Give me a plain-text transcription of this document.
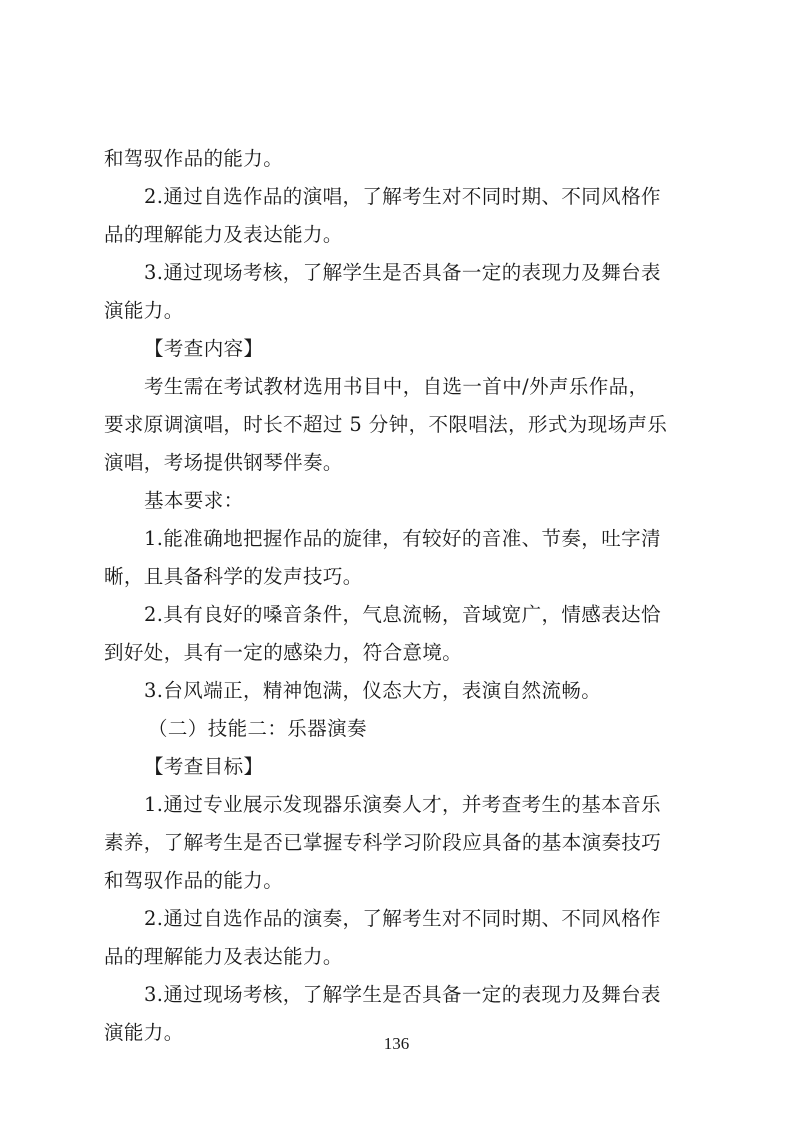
和驾驭作品的能力。
2.通过自选作品的演唱，了解考生对不同时期、不同风格作
品的理解能力及表达能力。
3.通过现场考核，了解学生是否具备一定的表现力及舞台表
演能力。
【考查内容】
考生需在考试教材选用书目中，自选一首中/外声乐作品，
要求原调演唱，时长不超过 5 分钟，不限唱法，形式为现场声乐
演唱，考场提供钢琴伴奏。
基本要求：
1.能准确地把握作品的旋律，有较好的音准、节奏，吐字清
晰，且具备科学的发声技巧。
2.具有良好的嗓音条件，气息流畅，音域宽广，情感表达恰
到好处，具有一定的感染力，符合意境。
3.台风端正，精神饱满，仪态大方，表演自然流畅。
（二）技能二：乐器演奏
【考查目标】
1.通过专业展示发现器乐演奏人才，并考查考生的基本音乐
素养，了解考生是否已掌握专科学习阶段应具备的基本演奏技巧
和驾驭作品的能力。
2.通过自选作品的演奏，了解考生对不同时期、不同风格作
品的理解能力及表达能力。
3.通过现场考核，了解学生是否具备一定的表现力及舞台表
演能力。	136
